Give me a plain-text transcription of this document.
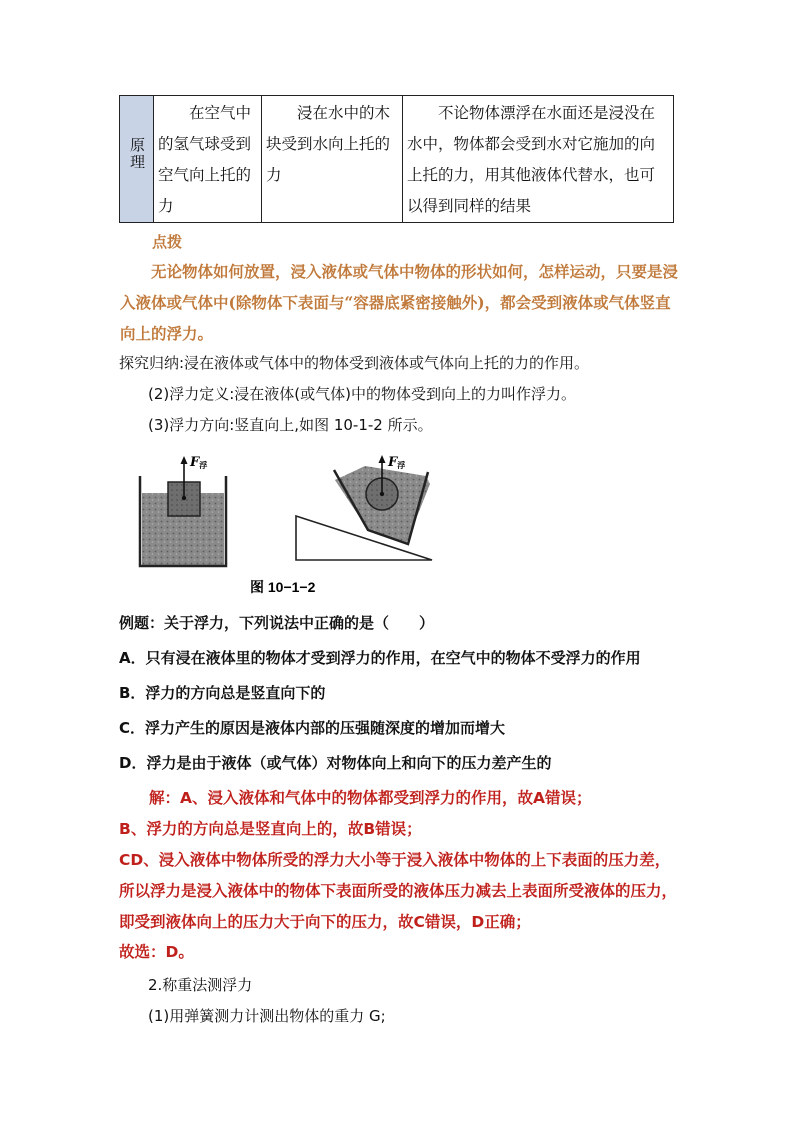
原理	在空气中的氢气球受到空气向上托的力	浸在水中的木块受到水向上托的力	不论物体漂浮在水面还是浸没在水中，物体都会受到水对它施加的向上托的力，用其他液体代替水，也可以得到同样的结果
点拨
无论物体如何放置，浸入液体或气体中物体的形状如何，怎样运动，只要是浸入液体或气体中(除物体下表面与“容器底紧密接触外)，都会受到液体或气体竖直向上的浮力。
探究归纳:浸在液体或气体中的物体受到液体或气体向上托的力的作用。
(2)浮力定义:浸在液体(或气体)中的物体受到向上的力叫作浮力。
(3)浮力方向:竖直向上,如图 10-1-2 所示。
F浮	F浮
图 10−1−2
例题：关于浮力，下列说法中正确的是（　　）
A．只有浸在液体里的物体才受到浮力的作用，在空气中的物体不受浮力的作用
B．浮力的方向总是竖直向下的
C．浮力产生的原因是液体内部的压强随深度的增加而增大
D．浮力是由于液体（或气体）对物体向上和向下的压力差产生的
解：A、浸入液体和气体中的物体都受到浮力的作用，故A错误；
B、浮力的方向总是竖直向上的，故B错误；
CD、浸入液体中物体所受的浮力大小等于浸入液体中物体的上下表面的压力差，所以浮力是浸入液体中的物体下表面所受的液体压力减去上表面所受液体的压力，即受到液体向上的压力大于向下的压力，故C错误，D正确；
故选：D。
2.称重法测浮力
(1)用弹簧测力计测出物体的重力 G;
